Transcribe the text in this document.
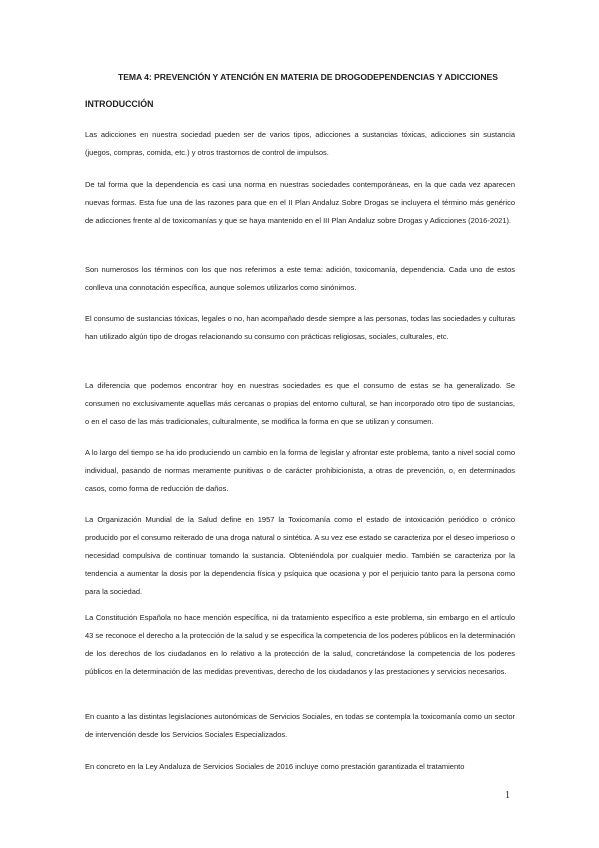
TEMA 4: PREVENCIÓN Y ATENCIÓN EN MATERIA DE DROGODEPENDENCIAS Y ADICCIONES
INTRODUCCIÓN
Las adicciones en nuestra sociedad pueden ser de varios tipos, adicciones a sustancias tóxicas, adicciones sin sustancia (juegos, compras, comida, etc.) y otros trastornos de control de impulsos.
De tal forma que la dependencia es casi una norma en nuestras sociedades contemporáneas, en la que cada vez aparecen nuevas formas. Esta fue una de las razones para que en el II Plan Andaluz Sobre Drogas se incluyera el término más genérico de adicciones frente al de toxicomanías y que se haya mantenido en el III Plan Andaluz sobre Drogas y Adicciones (2016-2021).
Son numerosos los términos con los que nos referimos a este tema: adición, toxicomanía, dependencia. Cada uno de estos conlleva una connotación específica, aunque solemos utilizarlos como sinónimos.
El consumo de sustancias tóxicas, legales o no, han acompañado desde siempre a las personas, todas las sociedades y culturas han utilizado algún tipo de drogas relacionando su consumo con prácticas religiosas, sociales, culturales, etc.
La diferencia que podemos encontrar hoy en nuestras sociedades es que el consumo de estas se ha generalizado. Se consumen no exclusivamente aquellas más cercanas o propias del entorno cultural, se han incorporado otro tipo de sustancias, o en el caso de las más tradicionales, culturalmente, se modifica la forma en que se utilizan y consumen.
A lo largo del tiempo se ha ido produciendo un cambio en la forma de legislar y afrontar este problema, tanto a nivel social como individual, pasando de normas meramente punitivas o de carácter prohibicionista, a otras de prevención, o, en determinados casos, como forma de reducción de daños.
La Organización Mundial de la Salud define en 1957 la Toxicomanía como el estado de intoxicación periódico o crónico producido por el consumo reiterado de una droga natural o sintética. A su vez ese estado se caracteriza por el deseo imperioso o necesidad compulsiva de continuar tomando la sustancia. Obteniéndola por cualquier medio. También se caracteriza por la tendencia a aumentar la dosis por la dependencia física y psíquica que ocasiona y por el perjuicio tanto para la persona como para la sociedad.
La Constitución Española no hace mención específica, ni da tratamiento específico a este problema, sin embargo en el artículo 43 se reconoce el derecho a la protección de la salud y se especifica la competencia de los poderes públicos en la determinación de los derechos de los ciudadanos en lo relativo a la protección de la salud, concretándose la competencia de los poderes públicos en la determinación de las medidas preventivas, derecho de los ciudadanos y las prestaciones y servicios necesarios.
En cuanto a las distintas legislaciones autonómicas de Servicios Sociales, en todas se contempla la toxicomanía como un sector de intervención desde los Servicios Sociales Especializados.
En concreto en la Ley Andaluza de Servicios Sociales de 2016 incluye como prestación garantizada el tratamiento
1
